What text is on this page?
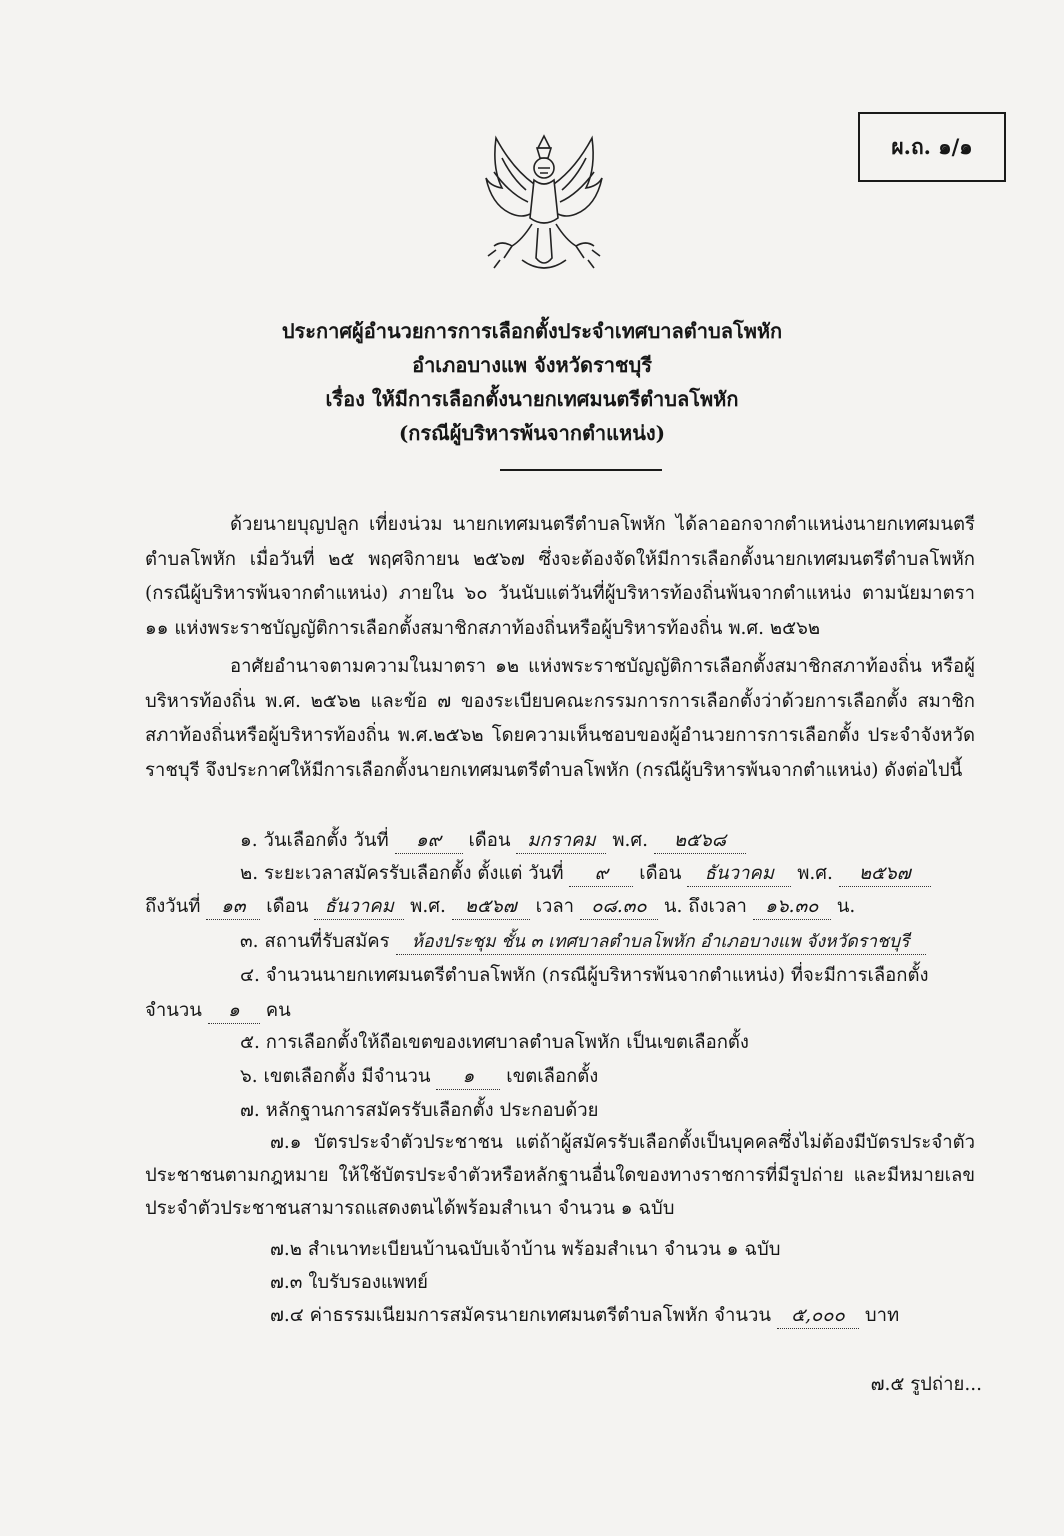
ผ.ถ. ๑/๑
ประกาศผู้อำนวยการการเลือกตั้งประจำเทศบาลตำบลโพหัก
อำเภอบางแพ จังหวัดราชบุรี
เรื่อง ให้มีการเลือกตั้งนายกเทศมนตรีตำบลโพหัก
(กรณีผู้บริหารพ้นจากตำแหน่ง)
ด้วยนายบุญปลูก เที่ยงน่วม นายกเทศมนตรีตำบลโพหัก ได้ลาออกจากตำแหน่งนายกเทศมนตรี ตำบลโพหัก เมื่อวันที่ ๒๕ พฤศจิกายน ๒๕๖๗ ซึ่งจะต้องจัดให้มีการเลือกตั้งนายกเทศมนตรีตำบลโพหัก (กรณีผู้บริหารพ้นจากตำแหน่ง) ภายใน ๖๐ วันนับแต่วันที่ผู้บริหารท้องถิ่นพ้นจากตำแหน่ง ตามนัยมาตรา ๑๑ แห่งพระราชบัญญัติการเลือกตั้งสมาชิกสภาท้องถิ่นหรือผู้บริหารท้องถิ่น พ.ศ. ๒๕๖๒
อาศัยอำนาจตามความในมาตรา ๑๒ แห่งพระราชบัญญัติการเลือกตั้งสมาชิกสภาท้องถิ่น หรือผู้บริหารท้องถิ่น พ.ศ. ๒๕๖๒ และข้อ ๗ ของระเบียบคณะกรรมการการเลือกตั้งว่าด้วยการเลือกตั้ง สมาชิกสภาท้องถิ่นหรือผู้บริหารท้องถิ่น พ.ศ.๒๕๖๒ โดยความเห็นชอบของผู้อำนวยการการเลือกตั้ง ประจำจังหวัดราชบุรี จึงประกาศให้มีการเลือกตั้งนายกเทศมนตรีตำบลโพหัก (กรณีผู้บริหารพ้นจากตำแหน่ง) ดังต่อไปนี้
๑. วันเลือกตั้ง วันที่ ๑๙ เดือน มกราคม พ.ศ. ๒๕๖๘
๒. ระยะเวลาสมัครรับเลือกตั้ง ตั้งแต่ วันที่ ๙ เดือน ธันวาคม พ.ศ. ๒๕๖๗
ถึงวันที่ ๑๓ เดือน ธันวาคม พ.ศ. ๒๕๖๗ เวลา ๐๘.๓๐ น. ถึงเวลา ๑๖.๓๐ น.
๓. สถานที่รับสมัคร ห้องประชุม ชั้น ๓ เทศบาลตำบลโพหัก อำเภอบางแพ จังหวัดราชบุรี
๔. จำนวนนายกเทศมนตรีตำบลโพหัก (กรณีผู้บริหารพ้นจากตำแหน่ง) ที่จะมีการเลือกตั้ง
จำนวน ๑ คน
๕. การเลือกตั้งให้ถือเขตของเทศบาลตำบลโพหัก เป็นเขตเลือกตั้ง
๖. เขตเลือกตั้ง มีจำนวน ๑ เขตเลือกตั้ง
๗. หลักฐานการสมัครรับเลือกตั้ง ประกอบด้วย
๗.๑ บัตรประจำตัวประชาชน แต่ถ้าผู้สมัครรับเลือกตั้งเป็นบุคคลซึ่งไม่ต้องมีบัตรประจำตัว ประชาชนตามกฎหมาย ให้ใช้บัตรประจำตัวหรือหลักฐานอื่นใดของทางราชการที่มีรูปถ่าย และมีหมายเลข ประจำตัวประชาชนสามารถแสดงตนได้พร้อมสำเนา จำนวน ๑ ฉบับ
๗.๒ สำเนาทะเบียนบ้านฉบับเจ้าบ้าน พร้อมสำเนา จำนวน ๑ ฉบับ
๗.๓ ใบรับรองแพทย์
๗.๔ ค่าธรรมเนียมการสมัครนายกเทศมนตรีตำบลโพหัก จำนวน ๕,๐๐๐ บาท
๗.๕ รูปถ่าย...
